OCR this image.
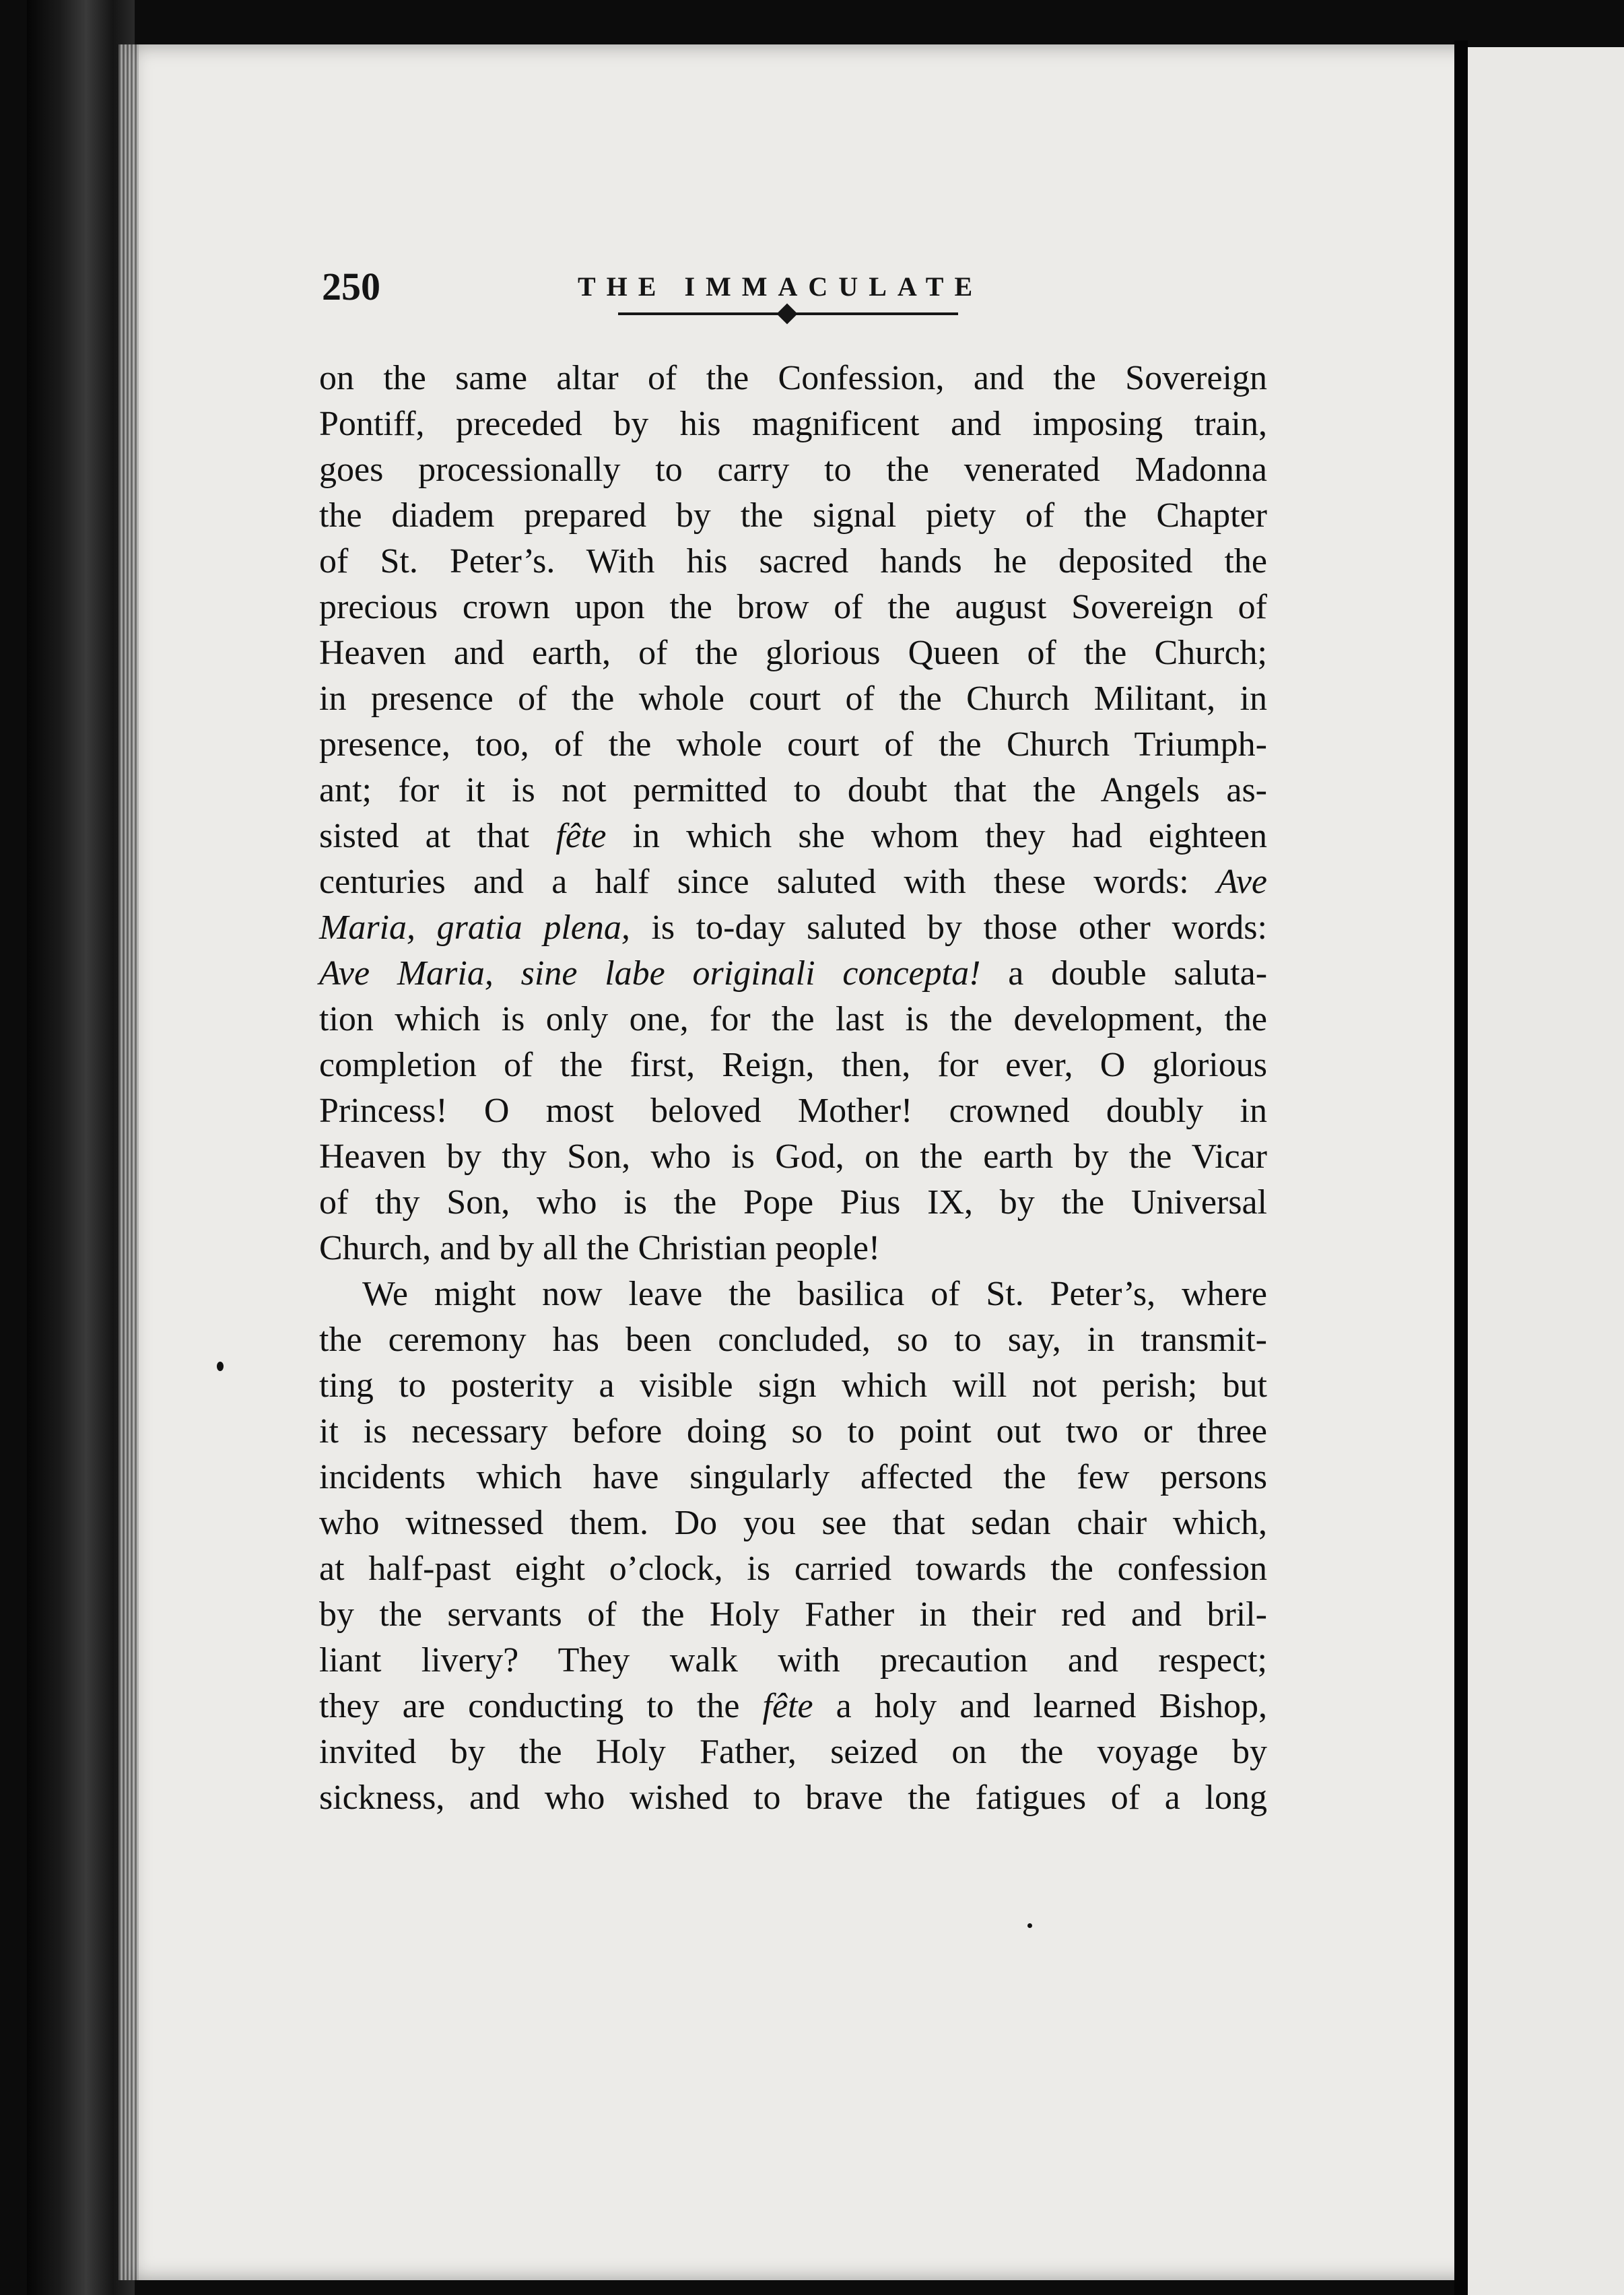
250	THE IMMACULATE
on the same altar of the Confession, and the Sovereign
Pontiff, preceded by his magnificent and imposing train,
goes processionally to carry to the venerated Madonna
the diadem prepared by the signal piety of the Chapter
of St. Peter’s. With his sacred hands he deposited the
precious crown upon the brow of the august Sovereign of
Heaven and earth, of the glorious Queen of the Church;
in presence of the whole court of the Church Militant, in
presence, too, of the whole court of the Church Triumph-
ant; for it is not permitted to doubt that the Angels as-
sisted at that fête in which she whom they had eighteen
centuries and a half since saluted with these words: Ave
Maria, gratia plena, is to-day saluted by those other words:
Ave Maria, sine labe originali concepta! a double saluta-
tion which is only one, for the last is the development, the
completion of the first, Reign, then, for ever, O glorious
Princess! O most beloved Mother! crowned doubly in
Heaven by thy Son, who is God, on the earth by the Vicar
of thy Son, who is the Pope Pius IX, by the Universal
Church, and by all the Christian people!
We might now leave the basilica of St. Peter’s, where
the ceremony has been concluded, so to say, in transmit-
ting to posterity a visible sign which will not perish; but
it is necessary before doing so to point out two or three
incidents which have singularly affected the few persons
who witnessed them. Do you see that sedan chair which,
at half-past eight o’clock, is carried towards the confession
by the servants of the Holy Father in their red and bril-
liant livery? They walk with precaution and respect;
they are conducting to the fête a holy and learned Bishop,
invited by the Holy Father, seized on the voyage by
sickness, and who wished to brave the fatigues of a long
